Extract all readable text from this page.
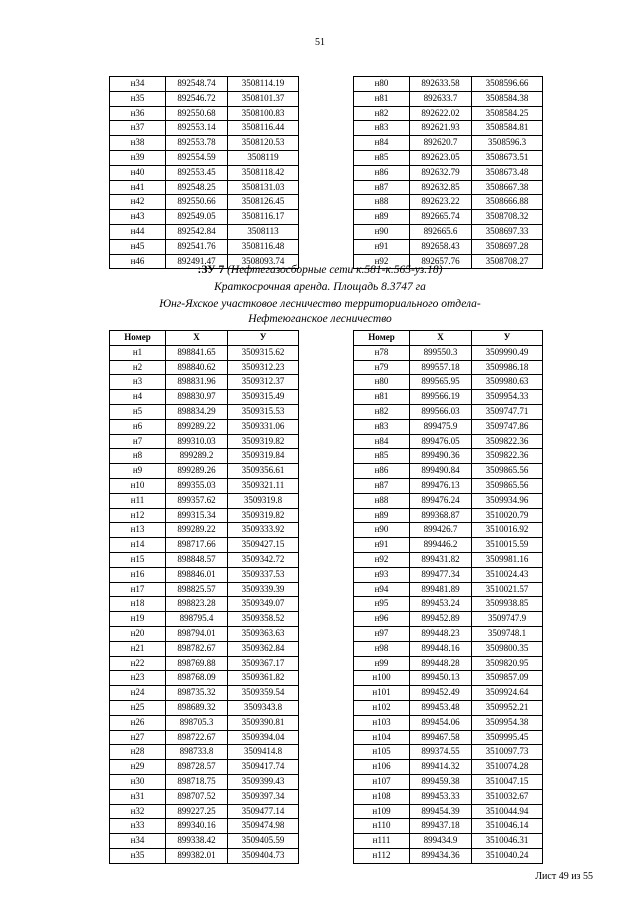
51
н34	892548.74	3508114.19
н35	892546.72	3508101.37
н36	892550.68	3508100.83
н37	892553.14	3508116.44
н38	892553.78	3508120.53
н39	892554.59	3508119
н40	892553.45	3508118.42
н41	892548.25	3508131.03
н42	892550.66	3508126.45
н43	892549.05	3508116.17
н44	892542.84	3508113
н45	892541.76	3508116.48
н46	892491.47	3508093.74
н80	892633.58	3508596.66
н81	892633.7	3508584.38
н82	892622.02	3508584.25
н83	892621.93	3508584.81
н84	892620.7	3508596.3
н85	892623.05	3508673.51
н86	892632.79	3508673.48
н87	892632.85	3508667.38
н88	892623.22	3508666.88
н89	892665.74	3508708.32
н90	892665.6	3508697.33
н91	892658.43	3508697.28
н92	892657.76	3508708.27
:ЗУ 7 (Нефтегазосборные сети к.581-к.565-уз.18)
Краткосрочная аренда. Площадь 8.3747 га
Юнг-Яхское участковое лесничество территориального отдела-
Нефтеюганское лесничество
Номер	Х	У
н1	898841.65	3509315.62
н2	898840.62	3509312.23
н3	898831.96	3509312.37
н4	898830.97	3509315.49
н5	898834.29	3509315.53
н6	899289.22	3509331.06
н7	899310.03	3509319.82
н8	899289.2	3509319.84
н9	899289.26	3509356.61
н10	899355.03	3509321.11
н11	899357.62	3509319.8
н12	899315.34	3509319.82
н13	899289.22	3509333.92
н14	898717.66	3509427.15
н15	898848.57	3509342.72
н16	898846.01	3509337.53
н17	898825.57	3509339.39
н18	898823.28	3509349.07
н19	898795.4	3509358.52
н20	898794.01	3509363.63
н21	898782.67	3509362.84
н22	898769.88	3509367.17
н23	898768.09	3509361.82
н24	898735.32	3509359.54
н25	898689.32	3509343.8
н26	898705.3	3509390.81
н27	898722.67	3509394.04
н28	898733.8	3509414.8
н29	898728.57	3509417.74
н30	898718.75	3509399.43
н31	898707.52	3509397.34
н32	899227.25	3509477.14
н33	899340.16	3509474.98
н34	899338.42	3509405.59
н35	899382.01	3509404.73
Номер	Х	У
н78	899550.3	3509990.49
н79	899557.18	3509986.18
н80	899565.95	3509980.63
н81	899566.19	3509954.33
н82	899566.03	3509747.71
н83	899475.9	3509747.86
н84	899476.05	3509822.36
н85	899490.36	3509822.36
н86	899490.84	3509865.56
н87	899476.13	3509865.56
н88	899476.24	3509934.96
н89	899368.87	3510020.79
н90	899426.7	3510016.92
н91	899446.2	3510015.59
н92	899431.82	3509981.16
н93	899477.34	3510024.43
н94	899481.89	3510021.57
н95	899453.24	3509938.85
н96	899452.89	3509747.9
н97	899448.23	3509748.1
н98	899448.16	3509800.35
н99	899448.28	3509820.95
н100	899450.13	3509857.09
н101	899452.49	3509924.64
н102	899453.48	3509952.21
н103	899454.06	3509954.38
н104	899467.58	3509995.45
н105	899374.55	3510097.73
н106	899414.32	3510074.28
н107	899459.38	3510047.15
н108	899453.33	3510032.67
н109	899454.39	3510044.94
н110	899437.18	3510046.14
н111	899434.9	3510046.31
н112	899434.36	3510040.24
Лист 49 из 55
